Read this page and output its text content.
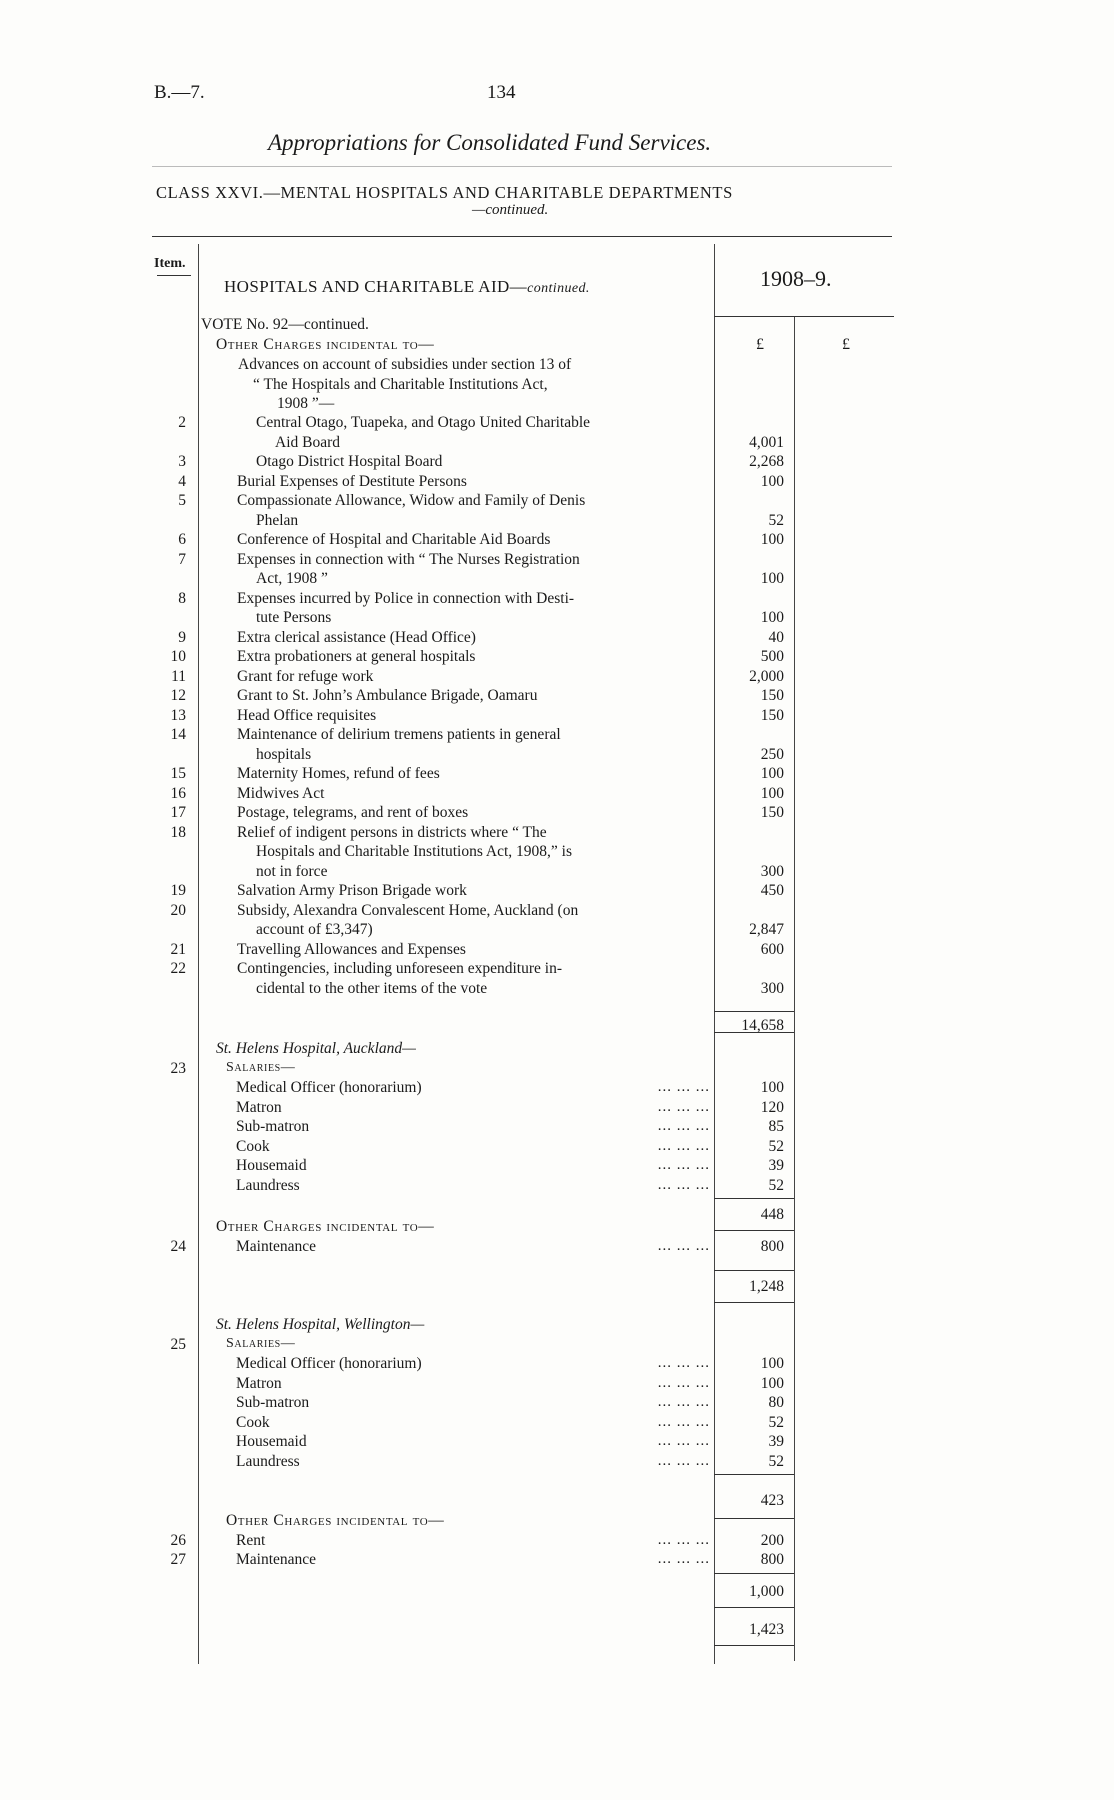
B.—7.	134
Appropriations for Consolidated Fund Services.
CLASS XXVI.—MENTAL HOSPITALS AND CHARITABLE DEPARTMENTS
—continued.
Item.
HOSPITALS AND CHARITABLE AID—continued.	1908–9.
£	£
VOTE No. 92—continued.
Other Charges incidental to—
Advances on account of subsidies under section 13 of
“ The Hospitals and Charitable Institutions Act,
1908 ”—
2	Central Otago, Tuapeka, and Otago United Charitable
Aid Board	4,001
3	Otago District Hospital Board	2,268
4	Burial Expenses of Destitute Persons	100
5	Compassionate Allowance, Widow and Family of Denis
Phelan	52
6	Conference of Hospital and Charitable Aid Boards	100
7	Expenses in connection with “ The Nurses Registration
Act, 1908 ”	100
8	Expenses incurred by Police in connection with Desti-
tute Persons	100
9	Extra clerical assistance (Head Office)	40
10	Extra probationers at general hospitals	500
11	Grant for refuge work	2,000
12	Grant to St. John’s Ambulance Brigade, Oamaru	150
13	Head Office requisites	150
14	Maintenance of delirium tremens patients in general
hospitals	250
15	Maternity Homes, refund of fees	100
16	Midwives Act	100
17	Postage, telegrams, and rent of boxes	150
18	Relief of indigent persons in districts where “ The
Hospitals and Charitable Institutions Act, 1908,” is
not in force	300
19	Salvation Army Prison Brigade work	450
20	Subsidy, Alexandra Convalescent Home, Auckland (on
account of £3,347)	2,847
21	Travelling Allowances and Expenses	600
22	Contingencies, including unforeseen expenditure in-
cidental to the other items of the vote	300
14,658
St. Helens Hospital, Auckland—
23	Salaries—
Medical Officer (honorarium)	... ... ...	100
Matron	... ... ...	120
Sub-matron	... ... ...	85
Cook	... ... ...	52
Housemaid	... ... ...	39
Laundress	... ... ...	52
448
Other Charges incidental to—
24	Maintenance	... ... ...	800
1,248
St. Helens Hospital, Wellington—
25	Salaries—
Medical Officer (honorarium)	... ... ...	100
Matron	... ... ...	100
Sub-matron	... ... ...	80
Cook	... ... ...	52
Housemaid	... ... ...	39
Laundress	... ... ...	52
423
Other Charges incidental to—
26	Rent	... ... ...	200
27	Maintenance	... ... ...	800
1,000
1,423
